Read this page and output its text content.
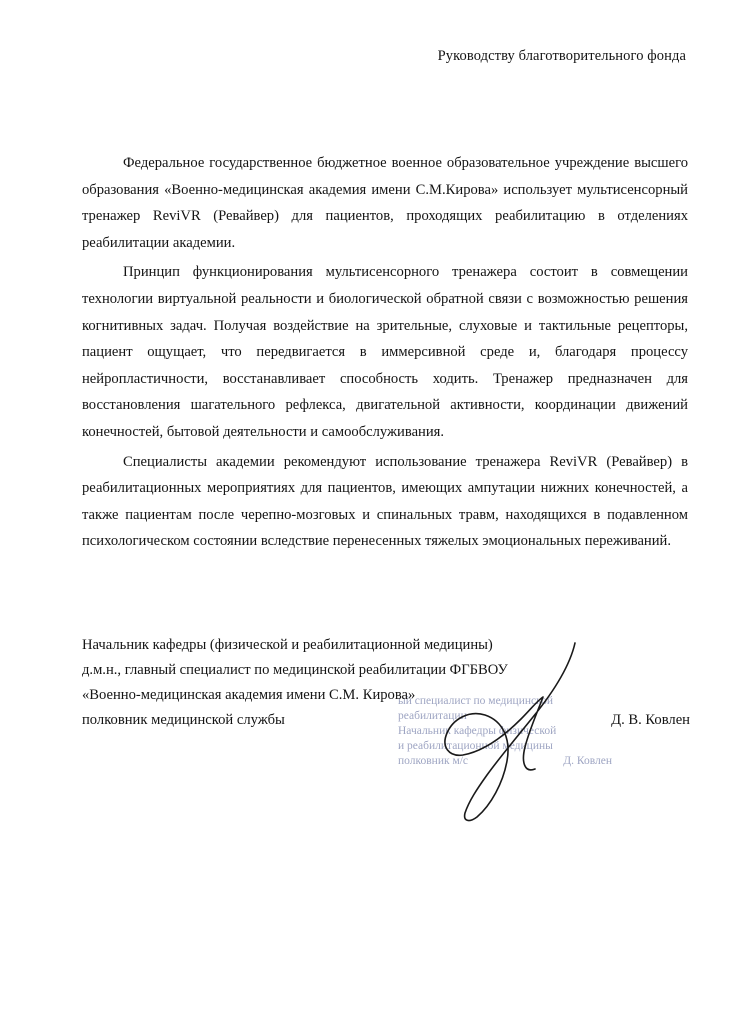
Руководству благотворительного фонда

Федеральное государственное бюджетное военное образовательное учреждение высшего образования «Военно-медицинская академия имени С.М.Кирова» использует мультисенсорный тренажер ReviVR (Ревайвер) для пациентов, проходящих реабилитацию в отделениях реабилитации академии.

Принцип функционирования мультисенсорного тренажера состоит в совмещении технологии виртуальной реальности и биологической обратной связи с возможностью решения когнитивных задач. Получая воздействие на зрительные, слуховые и тактильные рецепторы, пациент ощущает, что передвигается в иммерсивной среде и, благодаря процессу нейропластичности, восстанавливает способность ходить. Тренажер предназначен для восстановления шагательного рефлекса, двигательной активности, координации движений конечностей, бытовой деятельности и самообслуживания.

Специалисты академии рекомендуют использование тренажера ReviVR (Ревайвер) в реабилитационных мероприятиях для пациентов, имеющих ампутации нижних конечностей, а также пациентам после черепно-мозговых и спинальных травм, находящихся в подавленном психологическом состоянии вследствие перенесенных тяжелых эмоциональных переживаний.

ый специалист по медицинской
реабилитации
Начальник кафедры физической
и реабилитационной медицины
полковник м/с	Д. Ковлен
Начальник кафедры (физической и реабилитационной медицины)
д.м.н., главный специалист по медицинской реабилитации ФГБВОУ
«Военно-медицинская академия имени С.М. Кирова»
полковник медицинской службы	Д. В. Ковлен
